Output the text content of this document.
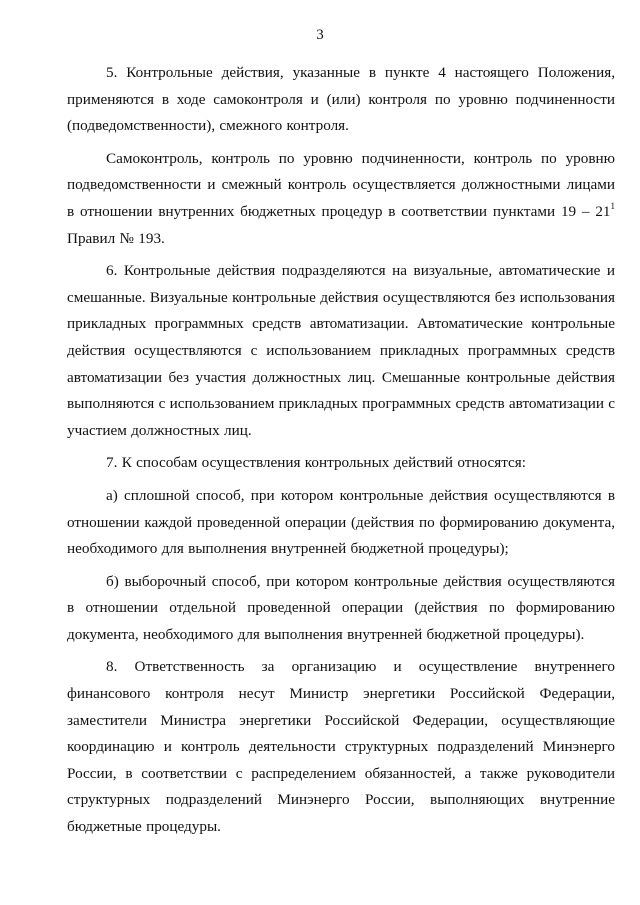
3

5. Контрольные действия, указанные в пункте 4 настоящего Положения, применяются в ходе самоконтроля и (или) контроля по уровню подчиненности (подведомственности), смежного контроля.

Самоконтроль, контроль по уровню подчиненности, контроль по уровню подведомственности и смежный контроль осуществляется должностными лицами в отношении внутренних бюджетных процедур в соответствии пунктами $19 - 21^1$ Правил № 193.

6. Контрольные действия подразделяются на визуальные, автоматические и смешанные. Визуальные контрольные действия осуществляются без использования прикладных программных средств автоматизации. Автоматические контрольные действия осуществляются с использованием прикладных программных средств автоматизации без участия должностных лиц. Смешанные контрольные действия выполняются с использованием прикладных программных средств автоматизации с участием должностных лиц.

7. К способам осуществления контрольных действий относятся:

а) сплошной способ, при котором контрольные действия осуществляются в отношении каждой проведенной операции (действия по формированию документа, необходимого для выполнения внутренней бюджетной процедуры);

б) выборочный способ, при котором контрольные действия осуществляются в отношении отдельной проведенной операции (действия по формированию документа, необходимого для выполнения внутренней бюджетной процедуры).

8. Ответственность за организацию и осуществление внутреннего финансового контроля несут Министр энергетики Российской Федерации, заместители Министра энергетики Российской Федерации, осуществляющие координацию и контроль деятельности структурных подразделений Минэнерго России, в соответствии с распределением обязанностей, а также руководители структурных подразделений Минэнерго России, выполняющих внутренние бюджетные процедуры.
